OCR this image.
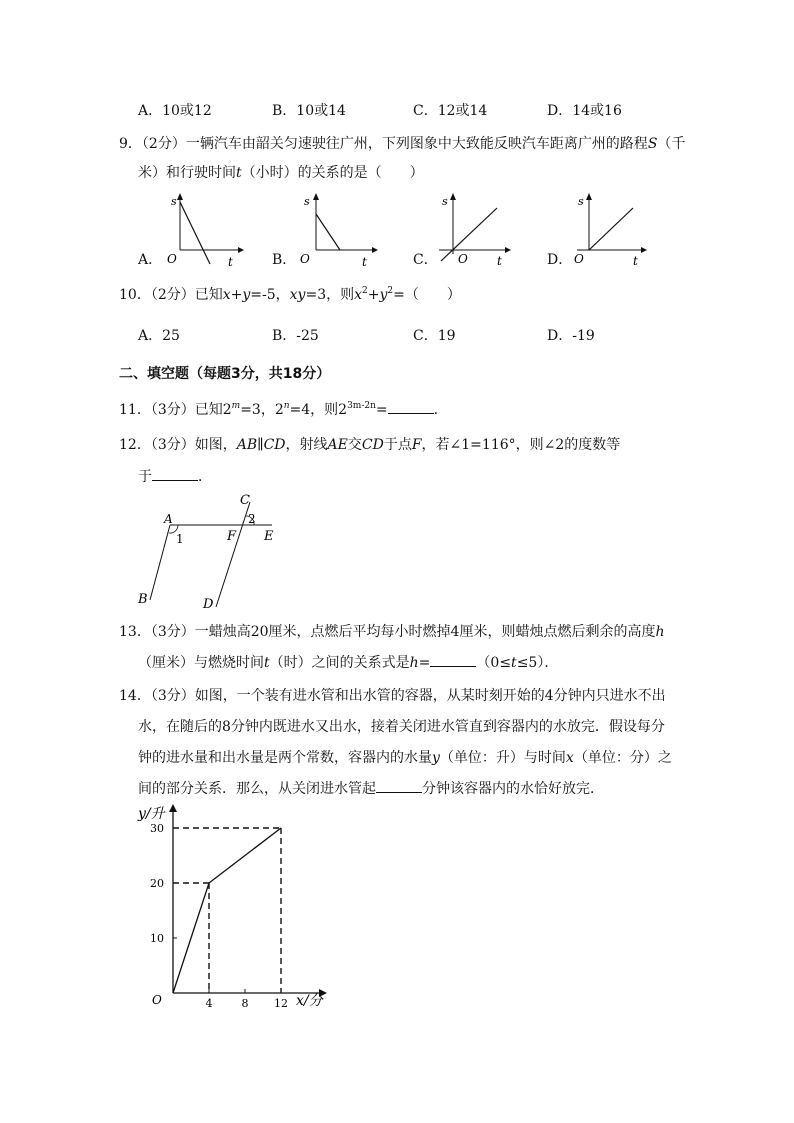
A．10或12	B．10或14	C．12或14	D．14或16
9．（2分）一辆汽车由韶关匀速驶往广州，下列图象中大致能反映汽车距离广州的路程S（千
米）和行驶时间t（小时）的关系的是（　　）
s
O	t
A．
s
O	t
B．
s
O t
C．
s
O	t
D．
10．（2分）已知x+y=-5，xy=3，则$x^2+y^2=$（　　）
A．25	B．-25	C．19	D．-19
二、填空题（每题3分，共18分）
11．（3分）已知$2^m=3$，$2^n=4$，则$2^{3m-2n}=$	．
12．（3分）如图，AB∥CD，射线AE交CD于点F，若∠1=116°，则∠2的度数等
于	．
C
2
A
1	F E
B	D
13．（3分）一蜡烛高20厘米，点燃后平均每小时燃掉4厘米，则蜡烛点燃后剩余的高度h
（厘米）与燃烧时间t（时）之间的关系式是h=	（0≤t≤5）．
14．（3分）如图，一个装有进水管和出水管的容器，从某时刻开始的4分钟内只进水不出
水，在随后的8分钟内既进水又出水，接着关闭进水管直到容器内的水放完．假设每分
钟的进水量和出水量是两个常数，容器内的水量y（单位：升）与时间x（单位：分）之
间的部分关系．那么，从关闭进水管起	分钟该容器内的水恰好放完．
4	8 12
10
20
30
y/升
x/分
O
